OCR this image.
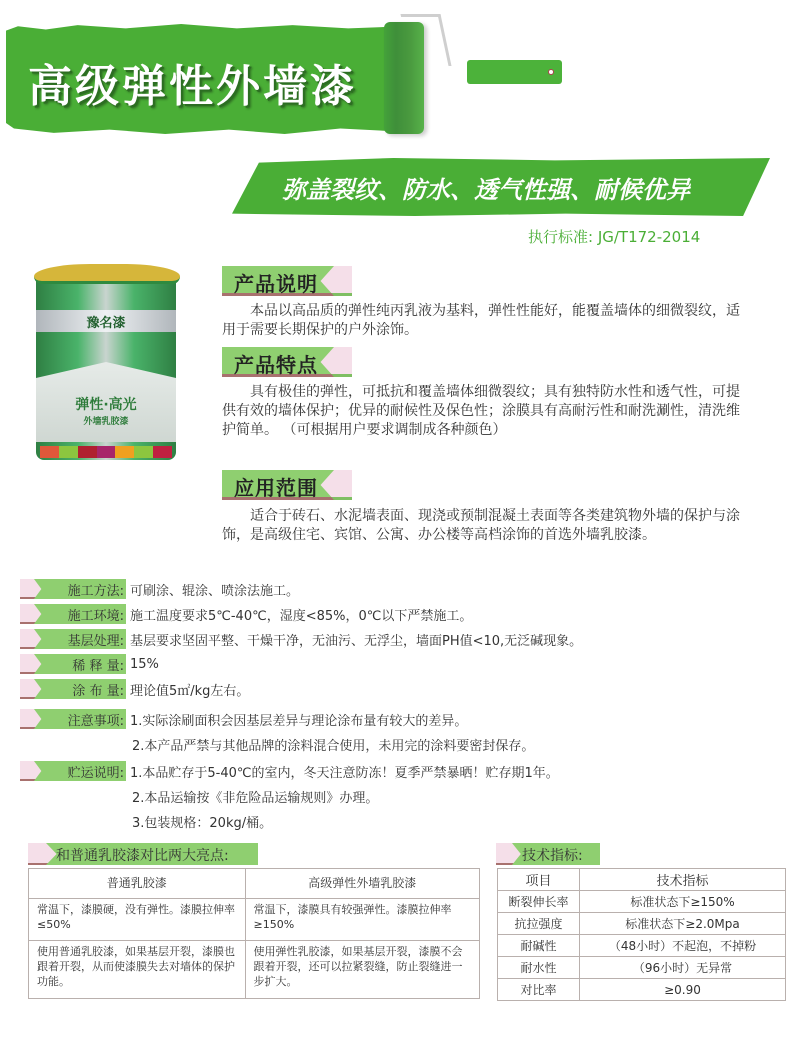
高级弹性外墙漆
弥盖裂纹、防水、透气性强、耐候优异
执行标准: JG/T172-2014
豫名漆
弹性·高光
外墙乳胶漆
产品说明
本品以高品质的弹性纯丙乳液为基料，弹性性能好，能覆盖墙体的细微裂纹，适用于需要长期保护的户外涂饰。
产品特点
具有极佳的弹性，可抵抗和覆盖墙体细微裂纹；具有独特防水性和透气性，可提供有效的墙体保护；优异的耐候性及保色性；涂膜具有高耐污性和耐洗涮性，清洗维护简单。 （可根据用户要求调制成各种颜色）
应用范围
适合于砖石、水泥墙表面、现浇或预制混凝土表面等各类建筑物外墙的保护与涂饰，是高级住宅、宾馆、公寓、办公楼等高档涂饰的首选外墙乳胶漆。
施工方法: 可刷涂、辊涂、喷涂法施工。
施工环境: 施工温度要求5℃-40℃，湿度<85%，0℃以下严禁施工。
基层处理: 基层要求坚固平整、干燥干净，无油污、无浮尘，墙面PH值<10,无泛碱现象。
稀 释 量: 15%
涂 布 量: 理论值5㎡/kg左右。
注意事项: 1.实际涂刷面积会因基层差异与理论涂布量有较大的差异。
2.本产品严禁与其他品牌的涂料混合使用，未用完的涂料要密封保存。
贮运说明: 1.本品贮存于5-40℃的室内，冬天注意防冻！夏季严禁暴晒！贮存期1年。
2.本品运输按《非危险品运输规则》办理。
3.包装规格：20kg/桶。
和普通乳胶漆对比两大亮点:
普通乳胶漆	高级弹性外墙乳胶漆
常温下，漆膜硬，没有弹性。漆膜拉伸率≤50%	常温下，漆膜具有较强弹性。漆膜拉伸率≥150%
使用普通乳胶漆，如果基层开裂，漆膜也跟着开裂，从而使漆膜失去对墙体的保护功能。	使用弹性乳胶漆，如果基层开裂，漆膜不会跟着开裂，还可以拉紧裂缝，防止裂缝进一步扩大。
技术指标:
项目	技术指标
断裂伸长率	标准状态下≥150%
抗拉强度	标准状态下≥2.0Mpa
耐碱性	（48小时）不起泡，不掉粉
耐水性	（96小时）无异常
对比率	≥0.90
